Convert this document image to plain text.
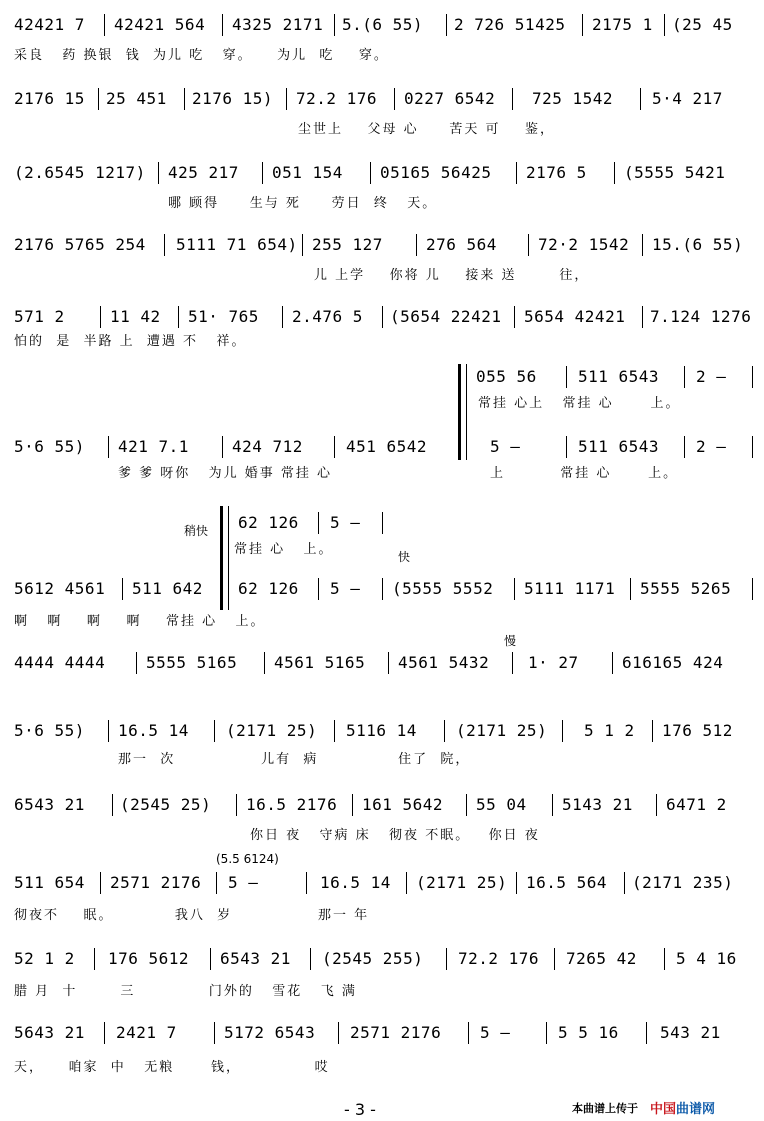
42421 7 42421 564 4325 2171 5.(6 55) 2 726 51425 2175 1 (25 45
采良   药 换银  钱  为儿 吃   穿。    为儿  吃    穿。
2176 15 25 451 2176 15) 72.2 176 0227 6542 725 1542 5·4 217
尘世上    父母 心     苦天 可    鉴，
(2.6545 1217) 425 217 051 154 05165 56425 2176 5 (5555 5421
哪 顾得     生与 死     劳日  终   天。
2176 5765 254 5111 71 654) 255 127	276 564	72·2 1542 15.(6 55)
儿 上学    你将 儿    接来 送       往，
571 2	11 42 51· 765 2.476 5 (5654 22421 5654 42421 7.124 1276
怕的  是  半路 上  遭遇 不   祥。
055 56	511 6543 2 —
常挂 心上   常挂 心      上。
5·6 55) 421 7.1	424 712	451 6542	5 —	511 6543 2 —
爹 爹 呀你   为儿 婚事 常挂 心	上         常挂 心      上。
稍快
快
62 126 5 —
常挂 心   上。
5612 4561 511 642 62 126 5 — (5555 5552 5111 1171 5555 5265
啊   啊    啊    啊    常挂 心   上。
慢
4444 4444	5555 5165 4561 5165 4561 5432 1· 27	616165 424
5·6 55) 16.5 14 (2171 25) 5116 14 (2171 25) 5 1 2 176 512
那一  次              儿有  病             住了  院，
6543 21 (2545 25) 16.5 2176 161 5642 55 04 5143 21 6471 2
你日 夜   守病 床   彻夜 不眠。   你日 夜
(5.5 6124)
511 654 2571 2176 5 —	16.5 14 (2171 25) 16.5 564 (2171 235)
彻夜不    眠。          我八  岁              那一 年
52 1 2 176 5612 6543 21 (2545 255) 72.2 176 7265 42 5 4 16
腊 月  十       三            门外的   雪花   飞 满
5643 21 2421 7	5172 6543 2571 2176 5 —	5 5 16	543 21
天，    咱家  中   无粮      钱，            哎
- 3 -	本曲谱上传于 中国曲谱网
